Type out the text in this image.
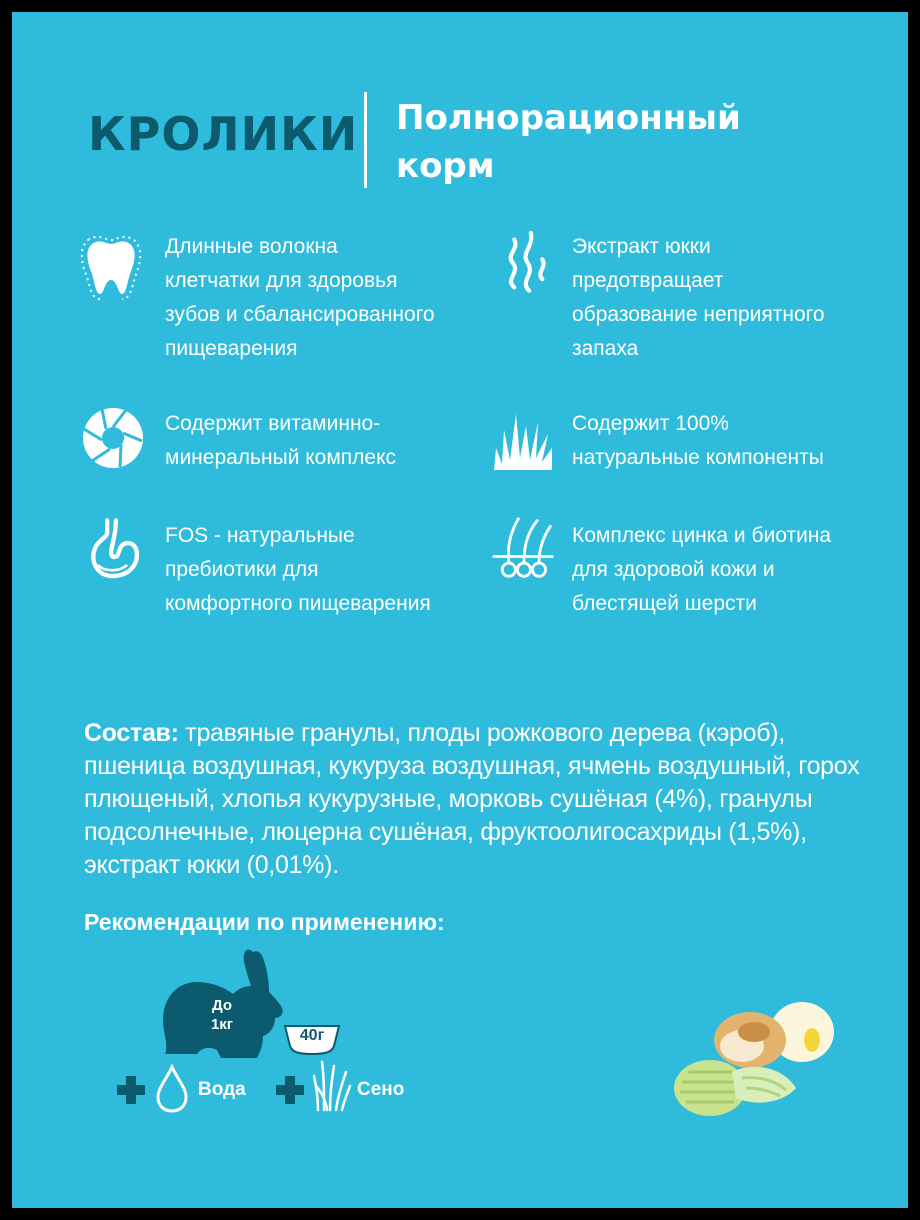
КРОЛИКИ Полнорационный
корм
Длинные волокна
клетчатки для здоровья
зубов и сбалансированного
пищеварения
Экстракт юкки
предотвращает
образование неприятного
запаха
Содержит витаминно-
минеральный комплекс
Содержит 100%
натуральные компоненты
FOS - натуральные
пребиотики для
комфортного пищеварения
Комплекс цинка и биотина
для здоровой кожи и
блестящей шерсти
Состав: травяные гранулы, плоды рожкового дерева (кэроб), пшеница воздушная, кукуруза воздушная, ячмень воздушный, горох плющеный, хлопья кукурузные, морковь сушёная (4%), гранулы подсолнечные, люцерна сушёная, фруктоолигосахриды (1,5%), экстракт юкки (0,01%).
Рекомендации по применению:
До
1кг
40г
Вода	Сено
